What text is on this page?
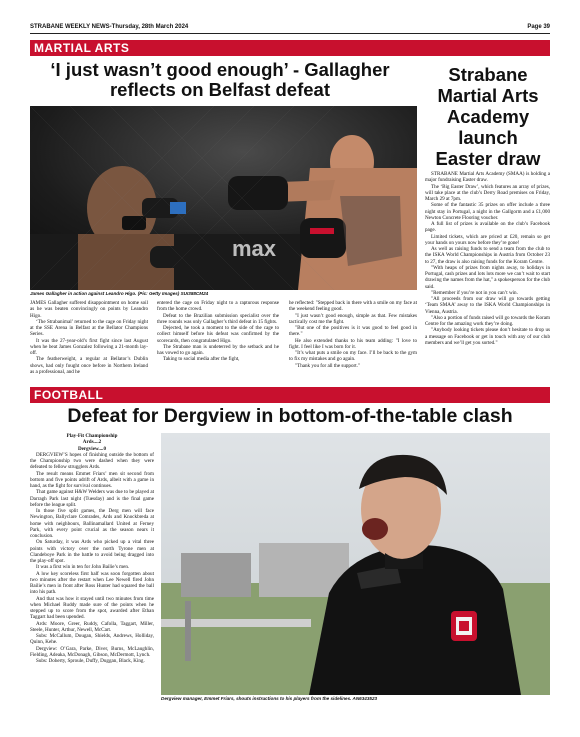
STRABANE WEEKLY NEWS-Thursday, 28th March 2024	Page 39
MARTIAL ARTS
‘I just wasn’t good enough’ - Gallagher
reflects on Belfast defeat
max
James Gallagher in action against Leandro Higo. (Pic: Getty Images) SUI388CM24

JAMES Gallagher suffered disappointment on home soil as he was beaten convincingly on points by Leandro Higo.

‘The Strabanimal’ returned to the cage on Friday night at the SSE Arena in Belfast at the Bellator Champions Series.

It was the 27-year-old’s first fight since last August when he beat James Gonzalez following a 21-month lay-off.

The featherweight, a regular at Bellator’s Dublin shows, had only fought once before in Northern Ireland as a professional, and he

entered the cage on Friday night to a rapturous response from the home crowd.

Defeat to the Brazilian submission specialist over the three rounds was only Gallagher’s third defeat in 15 fights.

Dejected, he took a moment to the side of the cage to collect himself before his defeat was confirmed by the scorecards, then congratulated Higo.

The Strabane man is undeterred by the setback and he has vowed to go again.

Taking to social media after the fight,

he reflected: "Stepped back in there with a smile on my face at the weekend feeling good.

"I just wasn’t good enough, simple as that. Few mistakes tactically cost me the fight.

"But one of the positives is it was good to feel good in there."

He also extended thanks to his team adding: "I love to fight. I feel like I was born for it.

"It’s what puts a smile on my face. I’ll be back to the gym to fix my mistakes and go again.

"Thank you for all the support."

Strabane
Martial Arts
Academy
launch
Easter draw

STRABANE Martial Arts Academy (SMAA) is holding a major fundraising Easter draw.

The ‘Big Easter Draw’, which features an array of prizes, will take place at the club’s Derry Road premises on Friday, March 29 at 7pm.

Some of the fantastic 35 prizes on offer include a three night stay in Portugal, a night in the Gallgorm and a £1,000 Newton Concrete Flooring voucher.

A full list of prizes is available on the club’s Facebook page.

Limited tickets, which are priced at £20, remain so get your hands on yours now before they’re gone!

As well as raising funds to send a team from the club to the ISKA World Championships in Austria from October 23 to 27, the draw is also raising funds for the Koram Centre.

"With heaps of prizes from nights away, to holidays in Portugal, cash prizes and lots lots more we can’t wait to start drawing the names from the hat," a spokesperson for the club said.

"Remember if you’re not in you can’t win.

"All proceeds from our draw will go towards getting ‘Team SMAA’ away to the ISKA World Championships in Vienna, Austria.

"Also a portion of funds raised will go towards the Koram Centre for the amazing work they’re doing.

"Anybody looking tickets please don’t hesitate to drop us a message on Facebook or get in touch with any of our club members and we’ll get you sorted."

FOOTBALL
Defeat for Dergview in bottom-of-the-table clash

Play-Fit Championship

Ards....2

Dergview....0

DERGVIEW’S hopes of finishing outside the bottom of the Championship two were dashed when they were defeated to fellow strugglers Ards.

The result means Emmet Friars’ men sit second from bottom and five points adrift of Ards, albeit with a game in hand, as the fight for survival continues.

That game against H&W Welders was due to be played at Darragh Park last night (Tuesday) and is the final game before the league split.

In those five split games, the Derg men will face Newington, Ballyclare Comrades, Ards and Knockbreda at home with neighbours, Ballinamallard United at Ferney Park, with every point crucial as the season nears it conclusion.

On Saturday, it was Ards who picked up a vital three points with victory over the north Tyrone men at Clandeboye Park in the battle to avoid being dragged into the play-off spot.

It was a first win in ten for John Bailie’s men.

A low key scoreless first half was soon forgotten about two minutes after the restart when Lee Newell fired John Bailie’s men in front after Ross Hunter had squared the ball into his path.

And that was how it stayed until two minutes from time when Michael Ruddy made sure of the points when he stepped up to score from the spot, awarded after Ethan Taggart had been upended.

Ards: Moore, Greer, Ruddy, Cafolla, Taggart, Miller, Steele, Hunter, Arthur, Newell, McCart.

Subs: McCallum, Dougan, Shields, Andrews, Holliday, Quinn, Kehe.

Dergview: O’Gara, Parke, Diver, Burns, McLaughlin, Fielding, Adeaka, McDonagh, Gibson, McDermott, Lynch.

Subs: Doherty, Sproule, Duffy, Duggan, Black, King.

Dergview manager, Emmet Friars, shouts instructions to his players from the sidelines. AN6343523
